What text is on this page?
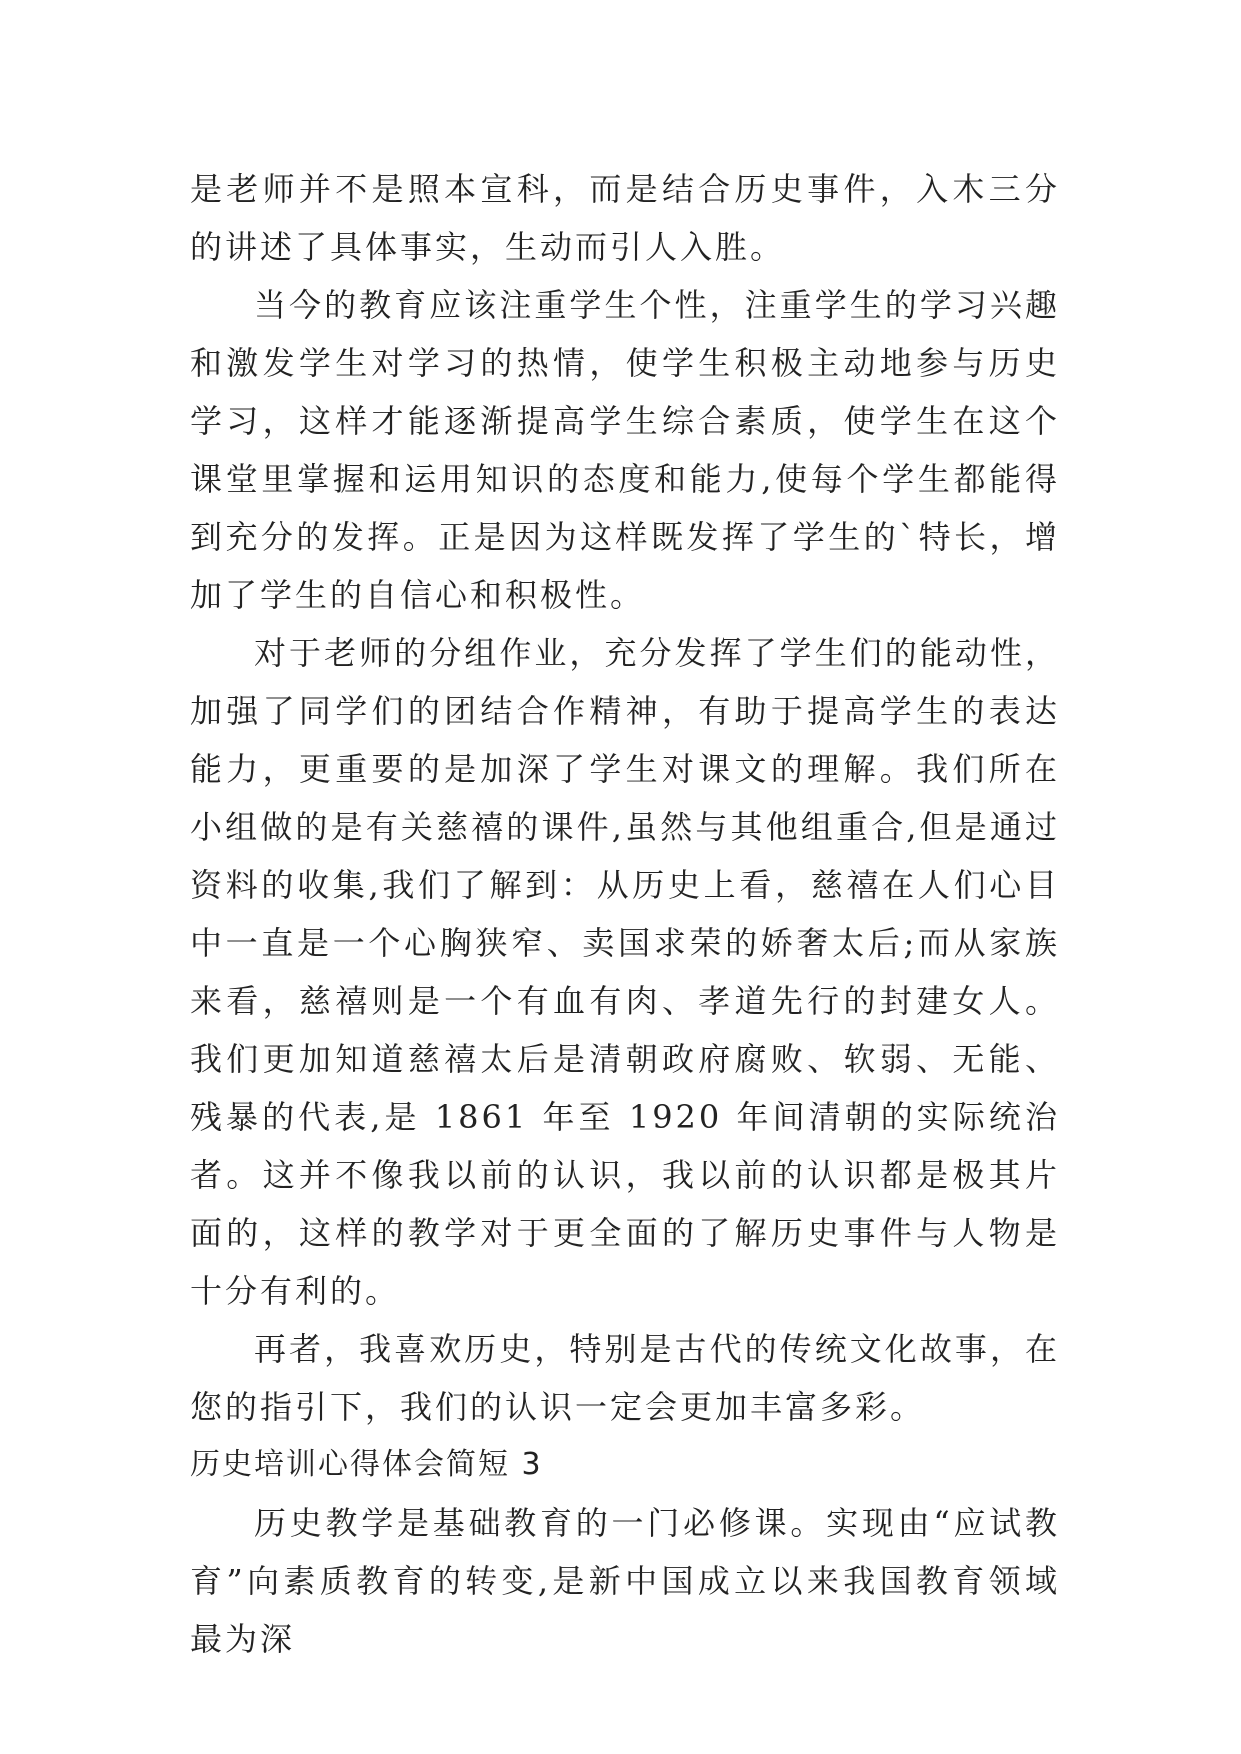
是老师并不是照本宣科，而是结合历史事件，入木三分的讲述了具体事实，生动而引人入胜。

当今的教育应该注重学生个性，注重学生的学习兴趣和激发学生对学习的热情，使学生积极主动地参与历史学习，这样才能逐渐提高学生综合素质，使学生在这个课堂里掌握和运用知识的态度和能力,使每个学生都能得到充分的发挥。正是因为这样既发挥了学生的`特长，增加了学生的自信心和积极性。

对于老师的分组作业，充分发挥了学生们的能动性，加强了同学们的团结合作精神，有助于提高学生的表达能力，更重要的是加深了学生对课文的理解。我们所在小组做的是有关慈禧的课件,虽然与其他组重合,但是通过资料的收集,我们了解到：从历史上看，慈禧在人们心目中一直是一个心胸狭窄、卖国求荣的娇奢太后;而从家族来看，慈禧则是一个有血有肉、孝道先行的封建女人。我们更加知道慈禧太后是清朝政府腐败、软弱、无能、残暴的代表,是 1861 年至 1920 年间清朝的实际统治者。这并不像我以前的认识，我以前的认识都是极其片面的，这样的教学对于更全面的了解历史事件与人物是十分有利的。

再者，我喜欢历史，特别是古代的传统文化故事，在您的指引下，我们的认识一定会更加丰富多彩。

历史培训心得体会简短 3

历史教学是基础教育的一门必修课。实现由“应试教育”向素质教育的转变,是新中国成立以来我国教育领域最为深
